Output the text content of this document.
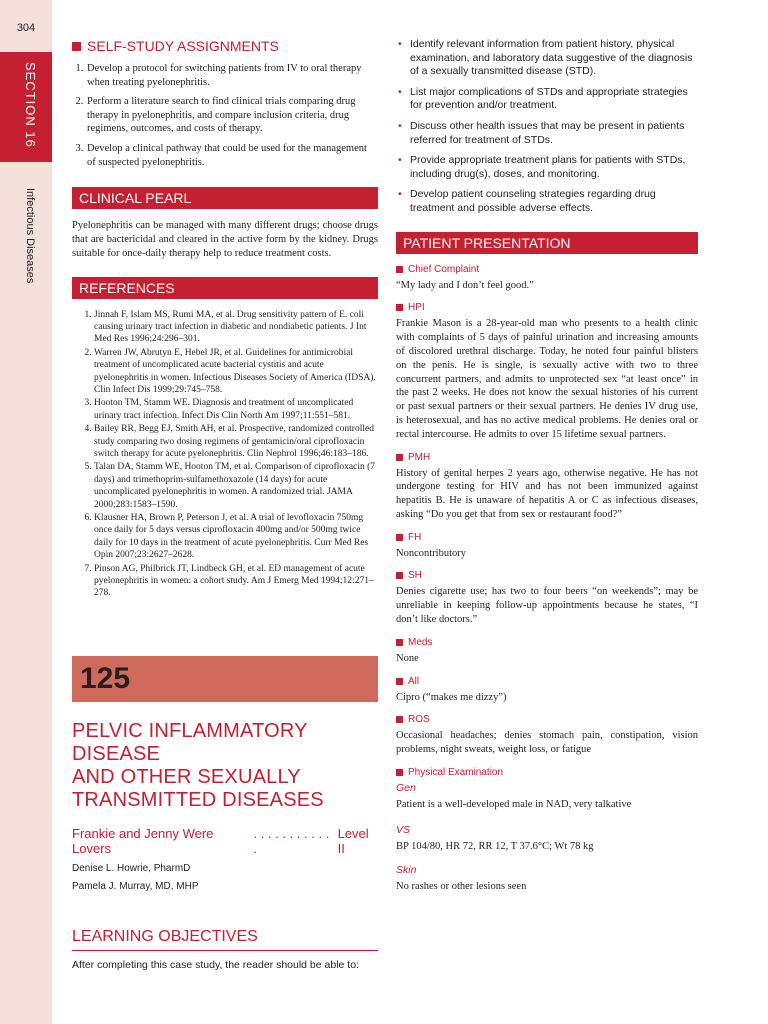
304
SECTION 16
Infectious Diseases
SELF-STUDY ASSIGNMENTS
1. Develop a protocol for switching patients from IV to oral therapy when treating pyelonephritis.
2. Perform a literature search to find clinical trials comparing drug therapy in pyelonephritis, and compare inclusion criteria, drug regimens, outcomes, and costs of therapy.
3. Develop a clinical pathway that could be used for the management of suspected pyelonephritis.
CLINICAL PEARL

Pyelonephritis can be managed with many different drugs; choose drugs that are bactericidal and cleared in the active form by the kidney. Drugs suitable for once-daily therapy help to reduce treatment costs.

REFERENCES
1. Jinnah F, Islam MS, Rumi MA, et al. Drug sensitivity pattern of E. coli causing urinary tract infection in diabetic and nondiabetic patients. J Int Med Res 1996;24:296–301.
2. Warren JW, Abrutyn E, Hebel JR, et al. Guidelines for antimicrobial treatment of uncomplicated acute bacterial cystitis and acute pyelonephritis in women. Infectious Diseases Society of America (IDSA). Clin Infect Dis 1999;29:745–758.
3. Hooton TM, Stamm WE. Diagnosis and treatment of uncomplicated urinary tract infection. Infect Dis Clin North Am 1997;11:551–581.
4. Bailey RR, Begg EJ, Smith AH, et al. Prospective, randomized controlled study comparing two dosing regimens of gentamicin/oral ciprofloxacin switch therapy for acute pyelonephritis. Clin Nephrol 1996;46:183–186.
5. Talan DA, Stamm WE, Hooton TM, et al. Comparison of ciprofloxacin (7 days) and trimethoprim-sulfamethoxazole (14 days) for acute uncomplicated pyelonephritis in women. A randomized trial. JAMA 2000;283:1583–1590.
6. Klausner HA, Brown P, Peterson J, et al. A trial of levofloxacin 750mg once daily for 5 days versus ciprofloxacin 400mg and/or 500mg twice daily for 10 days in the treatment of acute pyelonephritis. Curr Med Res Opin 2007;23:2627–2628.
7. Pinson AG, Philbrick JT, Lindbeck GH, et al. ED management of acute pyelonephritis in women: a cohort study. Am J Emerg Med 1994;12:271–278.
125
PELVIC INFLAMMATORY DISEASE
AND OTHER SEXUALLY
TRANSMITTED DISEASES
Frankie and Jenny Were Lovers
. . . . . . . . . . . .
Level II
Denise L. Howrie, PharmD
Pamela J. Murray, MD, MHP
LEARNING OBJECTIVES
After completing this case study, the reader should be able to:
• Identify relevant information from patient history, physical examination, and laboratory data suggestive of the diagnosis of a sexually transmitted disease (STD).
• List major complications of STDs and appropriate strategies for prevention and/or treatment.
• Discuss other health issues that may be present in patients referred for treatment of STDs.
• Provide appropriate treatment plans for patients with STDs, including drug(s), doses, and monitoring.
• Develop patient counseling strategies regarding drug treatment and possible adverse effects.
PATIENT PRESENTATION
Chief Complaint

“My lady and I don’t feel good.”

HPI

Frankie Mason is a 28-year-old man who presents to a health clinic with complaints of 5 days of painful urination and increasing amounts of discolored urethral discharge. Today, he noted four painful blisters on the penis. He is single, is sexually active with two to three concurrent partners, and admits to unprotected sex “at least once” in the past 2 weeks. He does not know the sexual histories of his current or past sexual partners or their sexual partners. He denies IV drug use, is heterosexual, and has no active medical problems. He denies oral or rectal intercourse. He admits to over 15 lifetime sexual partners.

PMH

History of genital herpes 2 years ago, otherwise negative. He has not undergone testing for HIV and has not been immunized against hepatitis B. He is unaware of hepatitis A or C as infectious diseases, asking “Do you get that from sex or restaurant food?”

FH

Noncontributory

SH

Denies cigarette use; has two to four beers “on weekends”; may be unreliable in keeping follow-up appointments because he states, “I don’t like doctors.”

Meds

None

All

Cipro (“makes me dizzy”)

ROS

Occasional headaches; denies stomach pain, constipation, vision problems, night sweats, weight loss, or fatigue

Physical Examination
Gen

Patient is a well-developed male in NAD, very talkative

VS

BP 104/80, HR 72, RR 12, T 37.6°C; Wt 78 kg

Skin

No rashes or other lesions seen
